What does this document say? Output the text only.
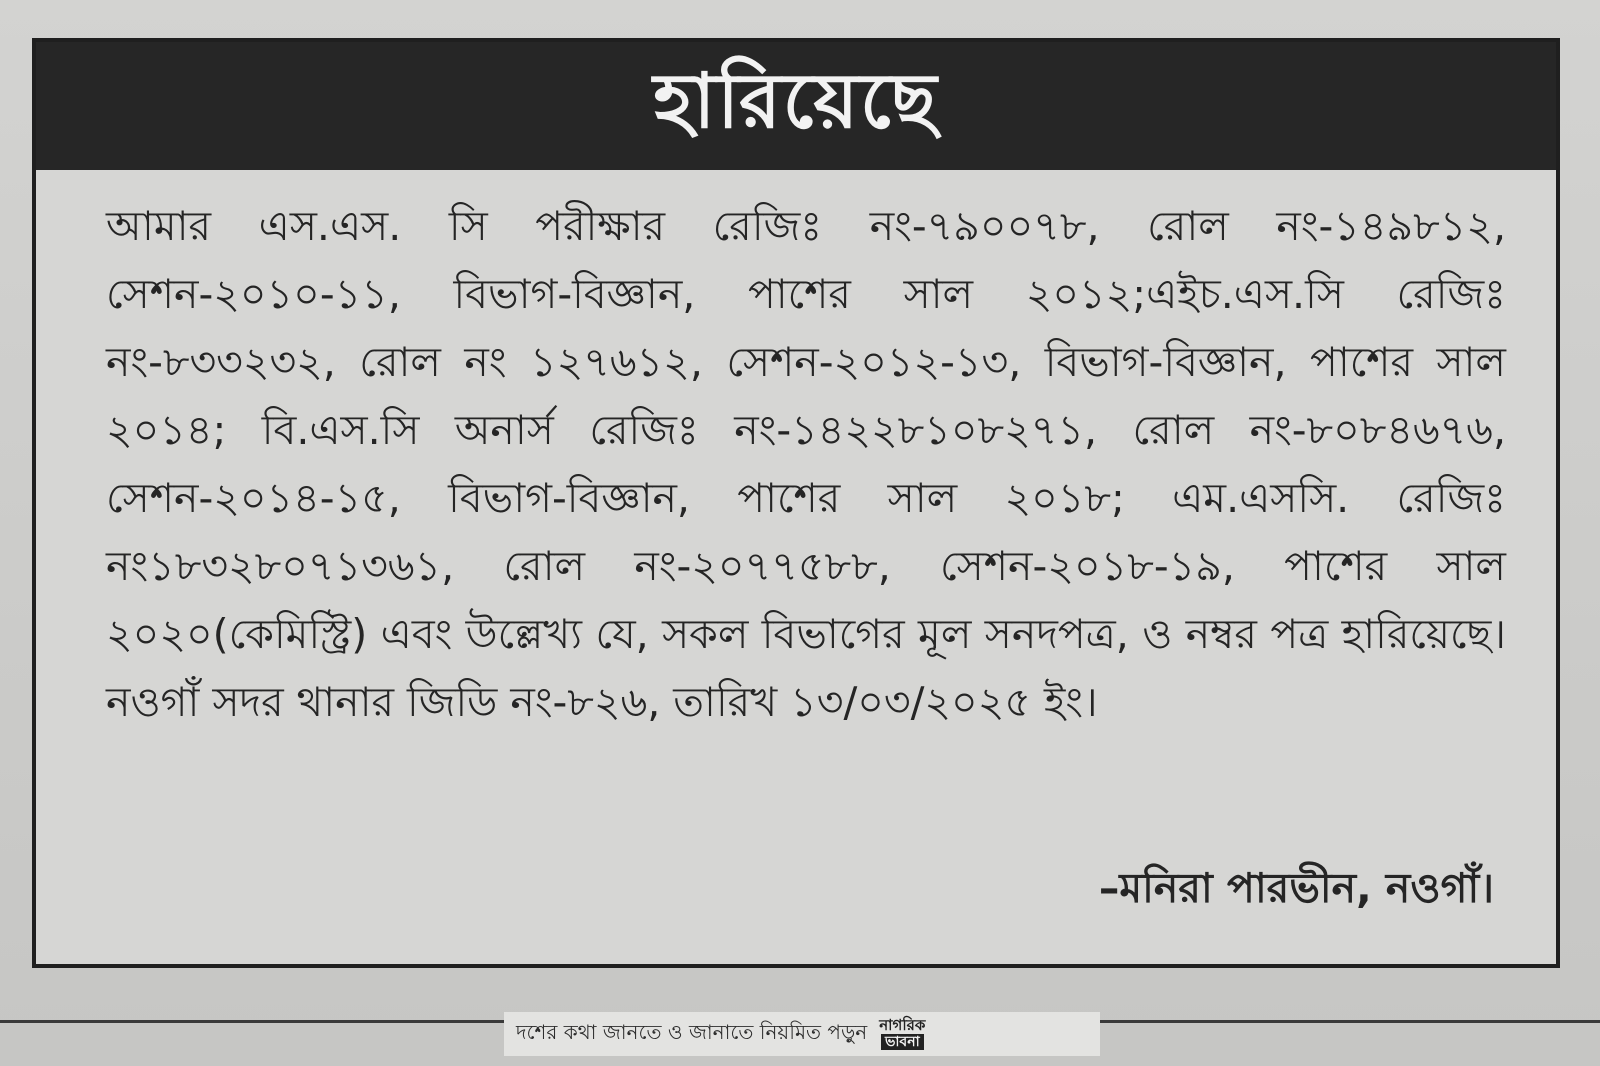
হারিয়েছে
আমার এস.এস. সি পরীক্ষার রেজিঃ নং-৭৯০০৭৮, রোল নং-১৪৯৮১২, সেশন-২০১০-১১, বিভাগ-বিজ্ঞান, পাশের সাল ২০১২;এইচ.এস.সি রেজিঃ নং-৮৩৩২৩২, রোল নং ১২৭৬১২, সেশন-২০১২-১৩, বিভাগ-বিজ্ঞান, পাশের সাল ২০১৪; বি.এস.সি অনার্স রেজিঃ নং-১৪২২৮১০৮২৭১, রোল নং-৮০৮৪৬৭৬, সেশন-২০১৪-১৫, বিভাগ-বিজ্ঞান, পাশের সাল ২০১৮; এম.এসসি. রেজিঃ নং১৮৩২৮০৭১৩৬১, রোল নং-২০৭৭৫৮৮, সেশন-২০১৮-১৯, পাশের সাল ২০২০(কেমিস্ট্রি) এবং উল্লেখ্য যে, সকল বিভাগের মূল সনদপত্র, ও নম্বর পত্র হারিয়েছে। নওগাঁ সদর থানার জিডি নং-৮২৬, তারিখ ১৩/০৩/২০২৫ ইং।
–মনিরা পারভীন, নওগাঁ।
দশের কথা জানতে ও জানাতে নিয়মিত পড়ুন নাগরিক
ভাবনা
